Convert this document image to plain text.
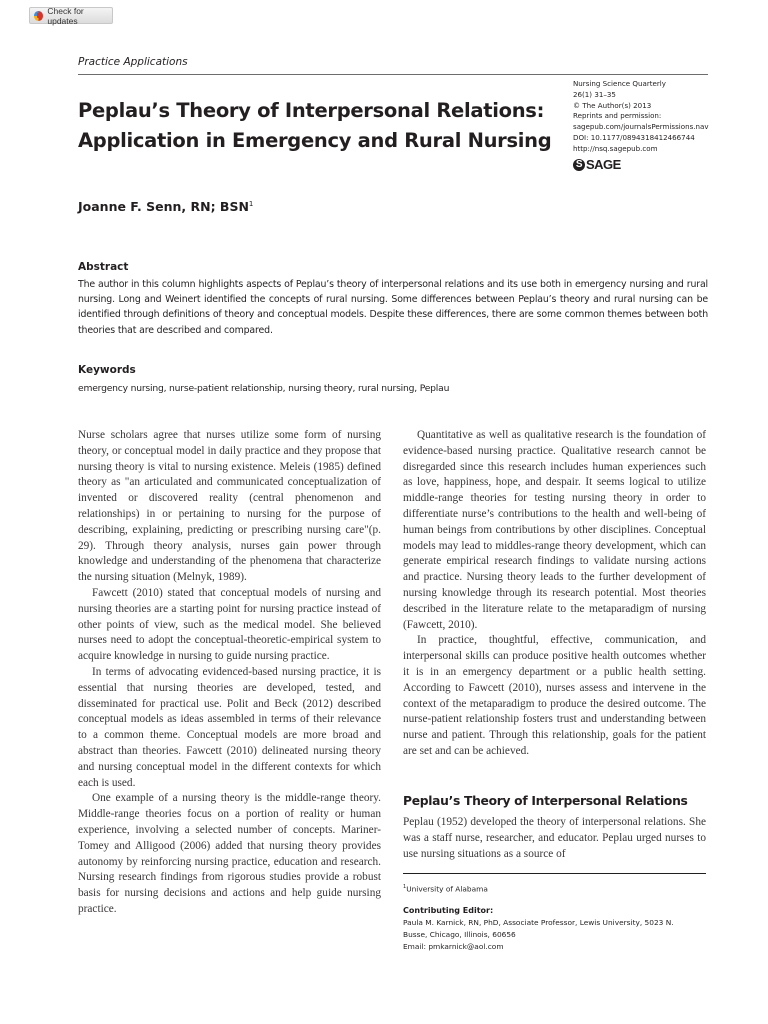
Check for updates
Practice Applications
Peplau’s Theory of Interpersonal Relations: Application in Emergency and Rural Nursing
Nursing Science Quarterly
26(1) 31–35
© The Author(s) 2013
Reprints and permission:
sagepub.com/journalsPermissions.nav
DOI: 10.1177/0894318412466744
http://nsq.sagepub.com
S SAGE
Joanne F. Senn, RN; BSN$^1$
Abstract

The author in this column highlights aspects of Peplau’s theory of interpersonal relations and its use both in emergency nursing and rural nursing. Long and Weinert identified the concepts of rural nursing. Some differences between Peplau’s theory and rural nursing can be identified through definitions of theory and conceptual models. Despite these differences, there are some common themes between both theories that are described and compared.

Keywords
emergency nursing, nurse-patient relationship, nursing theory, rural nursing, Peplau

Nurse scholars agree that nurses utilize some form of nursing theory, or conceptual model in daily practice and they propose that nursing theory is vital to nursing existence. Meleis (1985) defined theory as "an articulated and communicated conceptualization of invented or discovered reality (central phenomenon and relationships) in or pertaining to nursing for the purpose of describing, explaining, predicting or prescribing nursing care"(p. 29). Through theory analysis, nurses gain power through knowledge and understanding of the phenomena that characterize the nursing situation (Melnyk, 1989).

Fawcett (2010) stated that conceptual models of nursing and nursing theories are a starting point for nursing practice instead of other points of view, such as the medical model. She believed nurses need to adopt the conceptual-theoretic-empirical system to acquire knowledge in nursing to guide nursing practice.

In terms of advocating evidenced-based nursing practice, it is essential that nursing theories are developed, tested, and disseminated for practical use. Polit and Beck (2012) described conceptual models as ideas assembled in terms of their relevance to a common theme. Conceptual models are more broad and abstract than theories. Fawcett (2010) delineated nursing theory and nursing conceptual model in the different contexts for which each is used.

One example of a nursing theory is the middle-range theory. Middle-range theories focus on a portion of reality or human experience, involving a selected number of concepts. Mariner-Tomey and Alligood (2006) added that nursing theory provides autonomy by reinforcing nursing practice, education and research. Nursing research findings from rigorous studies provide a robust basis for nursing decisions and actions and help guide nursing practice.

Quantitative as well as qualitative research is the foundation of evidence-based nursing practice. Qualitative research cannot be disregarded since this research includes human experiences such as love, happiness, hope, and despair. It seems logical to utilize middle-range theories for testing nursing theory in order to differentiate nurse’s contributions to the health and well-being of human beings from contributions by other disciplines. Conceptual models may lead to middles-range theory development, which can generate empirical research findings to validate nursing actions and practice. Nursing theory leads to the further development of nursing knowledge through its research potential. Most theories described in the literature relate to the metaparadigm of nursing (Fawcett, 2010).

In practice, thoughtful, effective, communication, and interpersonal skills can produce positive health outcomes whether it is in an emergency department or a public health setting. According to Fawcett (2010), nurses assess and intervene in the context of the metaparadigm to produce the desired outcome. The nurse-patient relationship fosters trust and understanding between nurse and patient. Through this relationship, goals for the patient are set and can be achieved.

Peplau’s Theory of Interpersonal Relations

Peplau (1952) developed the theory of interpersonal relations. She was a staff nurse, researcher, and educator. Peplau urged nurses to use nursing situations as a source of

$^1$University of Alabama
Contributing Editor:
Paula M. Karnick, RN, PhD, Associate Professor, Lewis University, 5023 N.
Busse, Chicago, Illinois, 60656
Email: pmkarnick@aol.com
